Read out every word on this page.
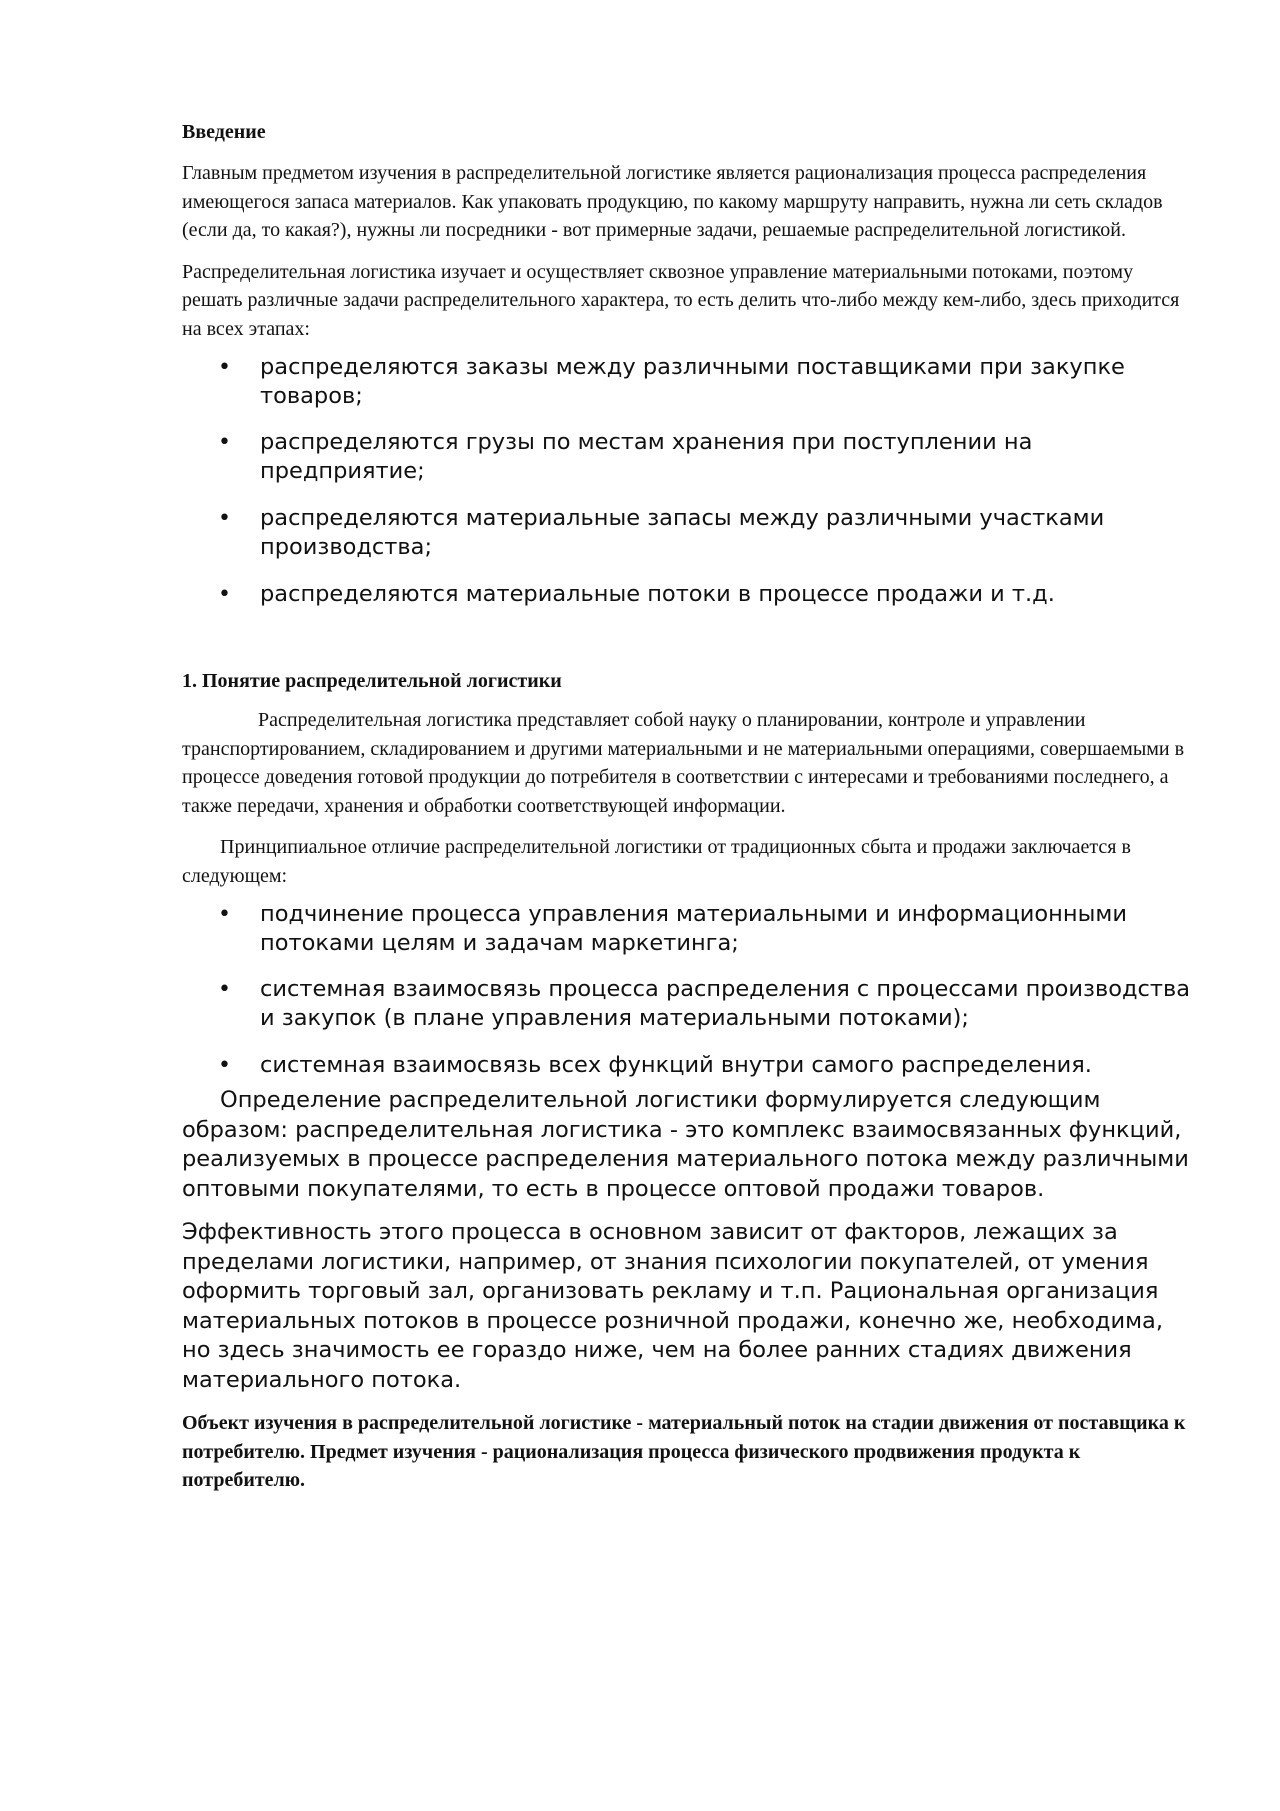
Введение

Главным предметом изучения в распределительной логистике является рационализация процесса распределения имеющегося запаса материалов. Как упаковать продукцию, по какому маршруту направить, нужна ли сеть складов (если да, то какая?), нужны ли посредники - вот примерные задачи, решаемые распределительной логистикой.

Распределительная логистика изучает и осуществляет сквозное управление материальными потоками, поэтому решать различные задачи распределительного характера, то есть делить что-либо между кем-либо, здесь приходится на всех этапах:

• распределяются заказы между различными поставщиками при закупке товаров;
• распределяются грузы по местам хранения при поступлении на предприятие;
• распределяются материальные запасы между различными участками производства;
• распределяются материальные потоки в процессе продажи и т.д.
1. Понятие распределительной логистики

Распределительная логистика представляет собой науку о планировании, контроле и управлении транспортированием, складированием и другими материальными и не материальными операциями, совершаемыми в процессе доведения готовой продукции до потребителя в соответствии с интересами и требованиями последнего, а также передачи, хранения и обработки соответствующей информации.

Принципиальное отличие распределительной логистики от традиционных сбыта и продажи заключается в следующем:

• подчинение процесса управления материальными и информационными потоками целям и задачам маркетинга;
• системная взаимосвязь процесса распределения с процессами производства и закупок (в плане управления материальными потоками);
• системная взаимосвязь всех функций внутри самого распределения.

Определение распределительной логистики формулируется следующим образом: распределительная логистика - это комплекс взаимосвязанных функций, реализуемых в процессе распределения материального потока между различными оптовыми покупателями, то есть в процессе оптовой продажи товаров.

Эффективность этого процесса в основном зависит от факторов, лежащих за пределами логистики, например, от знания психологии покупателей, от умения оформить торговый зал, организовать рекламу и т.п. Рациональная организация материальных потоков в процессе розничной продажи, конечно же, необходима, но здесь значимость ее гораздо ниже, чем на более ранних стадиях движения материального потока.

Объект изучения в распределительной логистике - материальный поток на стадии движения от поставщика к потребителю. Предмет изучения - рационализация процесса физического продвижения продукта к потребителю.
